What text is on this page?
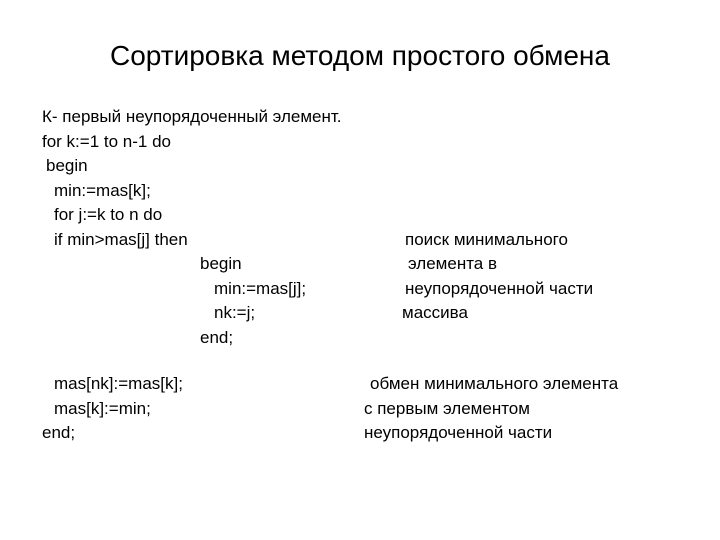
Сортировка методом простого обмена
К- первый неупорядоченный элемент.
for k:=1 to n-1 do
begin
min:=mas[k];
for j:=k to n do
if min>mas[j] then
begin
min:=mas[j];
nk:=j;
end;
mas[nk]:=mas[k];
mas[k]:=min;
end;
поиск минимального
элемента в
неупорядоченной части
массива
обмен минимального элемента
с первым элементом
неупорядоченной части
